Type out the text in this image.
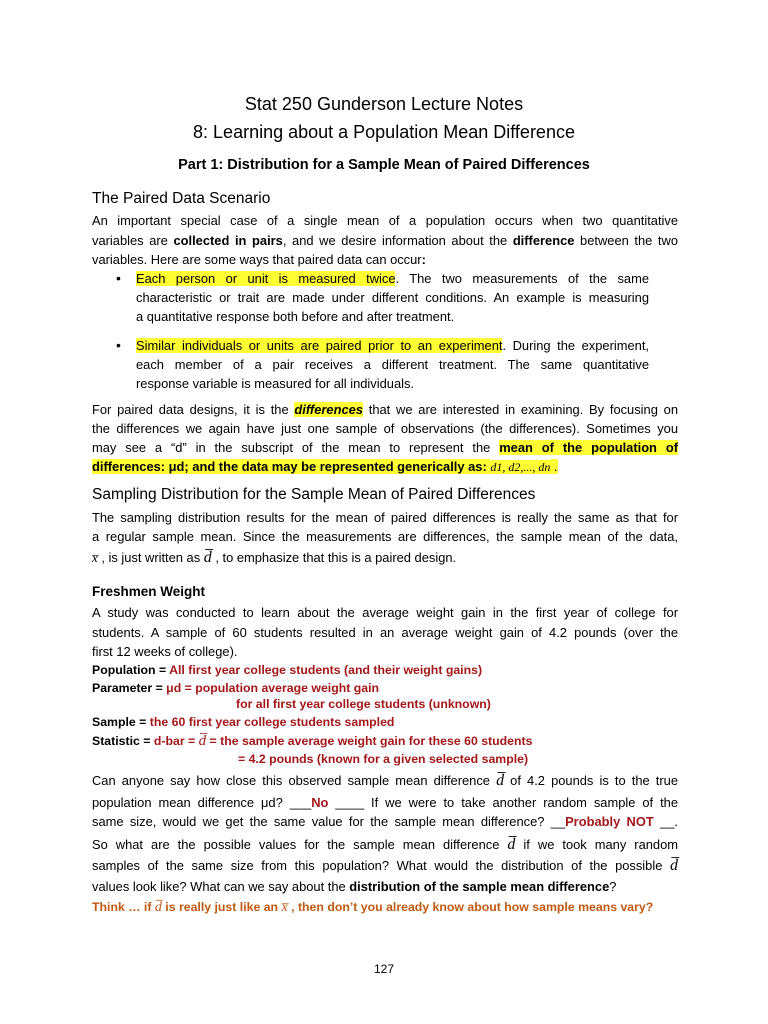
Stat 250 Gunderson Lecture Notes
8: Learning about a Population Mean Difference
Part 1: Distribution for a Sample Mean of Paired Differences
The Paired Data Scenario
An important special case of a single mean of a population occurs when two quantitative
variables are collected in pairs, and we desire information about the difference between the two
variables. Here are some ways that paired data can occur:
• Each person or unit is measured twice. The two measurements of the same
characteristic or trait are made under different conditions. An example is measuring
a quantitative response both before and after treatment.
• Similar individuals or units are paired prior to an experiment. During the experiment,
each member of a pair receives a different treatment. The same quantitative
response variable is measured for all individuals.
For paired data designs, it is the differences that we are interested in examining. By focusing on
the differences we again have just one sample of observations (the differences). Sometimes you
may see a “d” in the subscript of the mean to represent the mean of the population of
differences: μd; and the data may be represented generically as: d1, d2,..., dn .
Sampling Distribution for the Sample Mean of Paired Differences
The sampling distribution results for the mean of paired differences is really the same as that for
a regular sample mean. Since the measurements are differences, the sample mean of the data,
x̅ , is just written as d̅ , to emphasize that this is a paired design.
Freshmen Weight
A study was conducted to learn about the average weight gain in the first year of college for
students. A sample of 60 students resulted in an average weight gain of 4.2 pounds (over the
first 12 weeks of college).
Population = All first year college students (and their weight gains)
Parameter = μd = population average weight gain
for all first year college students (unknown)
Sample = the 60 first year college students sampled
Statistic = d-bar = d̅ = the sample average weight gain for these 60 students
= 4.2 pounds (known for a given selected sample)
Can anyone say how close this observed sample mean difference d̅ of 4.2 pounds is to the true
population mean difference μd? ___No ____ If we were to take another random sample of the
same size, would we get the same value for the sample mean difference? __Probably NOT __.
So what are the possible values for the sample mean difference d̅ if we took many random
samples of the same size from this population? What would the distribution of the possible d̅
values look like? What can we say about the distribution of the sample mean difference?
Think … if d̅ is really just like an x̅ , then don’t you already know about how sample means vary?
127
